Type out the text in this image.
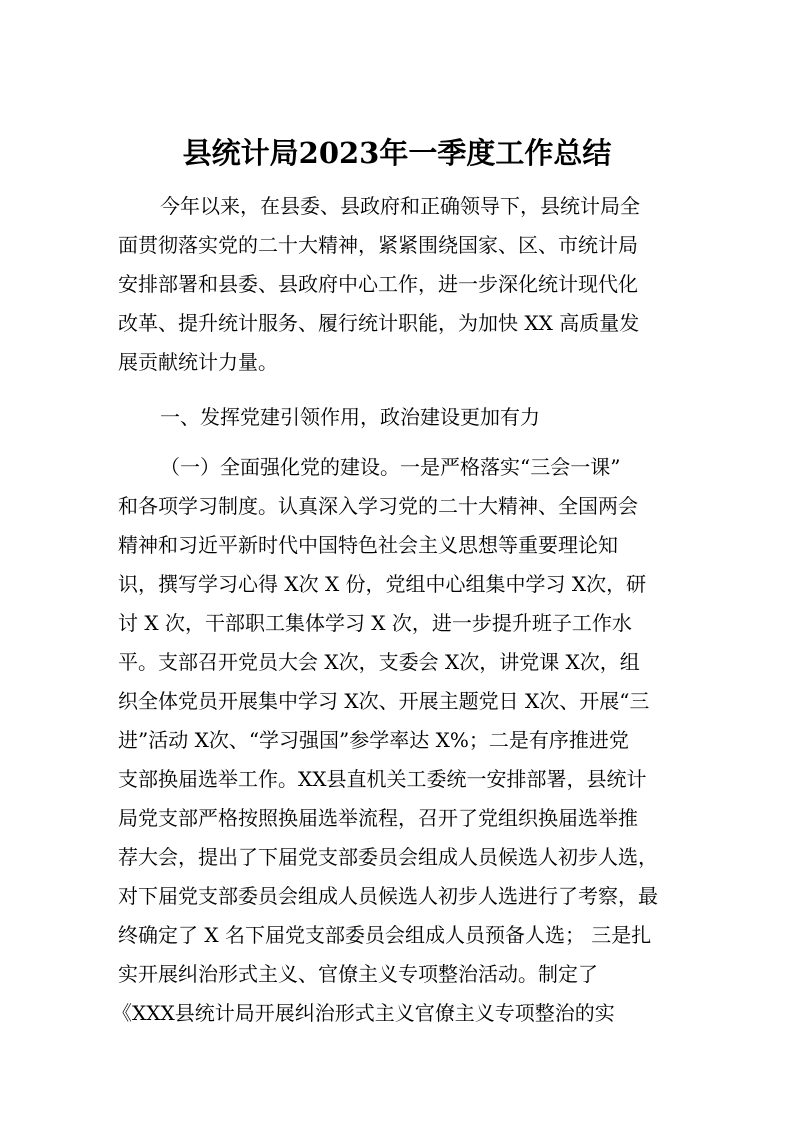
县统计局2023年一季度工作总结
今年以来，在县委、县政府和正确领导下，县统计局全
面贯彻落实党的二十大精神，紧紧围绕国家、区、市统计局
安排部署和县委、县政府中心工作，进一步深化统计现代化
改革、提升统计服务、履行统计职能，为加快 XX 高质量发
展贡献统计力量。
一、发挥党建引领作用，政治建设更加有力
（一）全面强化党的建设。一是严格落实“三会一课”
和各项学习制度。认真深入学习党的二十大精神、全国两会
精神和习近平新时代中国特色社会主义思想等重要理论知
识，撰写学习心得 X次 X 份，党组中心组集中学习 X次，研
讨 X 次，干部职工集体学习 X 次，进一步提升班子工作水
平。支部召开党员大会 X次，支委会 X次，讲党课 X次，组
织全体党员开展集中学习 X次、开展主题党日 X次、开展“三
进”活动 X次、“学习强国”参学率达 X%；二是有序推进党
支部换届选举工作。XX县直机关工委统一安排部署，县统计
局党支部严格按照换届选举流程，召开了党组织换届选举推
荐大会，提出了下届党支部委员会组成人员候选人初步人选，
对下届党支部委员会组成人员候选人初步人选进行了考察，最
终确定了 X 名下届党支部委员会组成人员预备人选； 三是扎
实开展纠治形式主义、官僚主义专项整治活动。制定了
《XXX县统计局开展纠治形式主义官僚主义专项整治的实
